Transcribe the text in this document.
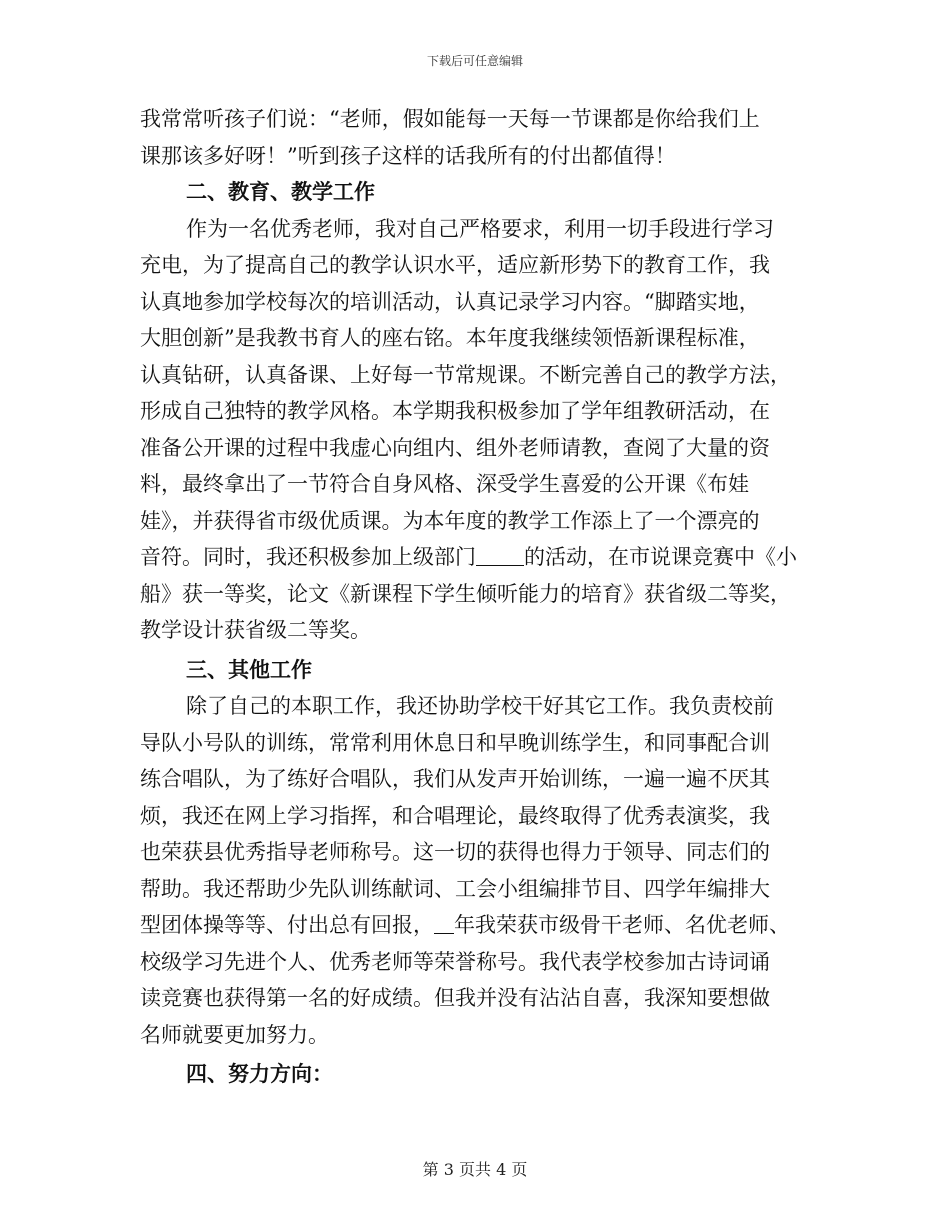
下载后可任意编辑
我常常听孩子们说：“老师，假如能每一天每一节课都是你给我们上
课那该多好呀！”听到孩子这样的话我所有的付出都值得！
二、教育、教学工作
作为一名优秀老师，我对自己严格要求，利用一切手段进行学习
充电，为了提高自己的教学认识水平，适应新形势下的教育工作，我
认真地参加学校每次的培训活动，认真记录学习内容。“脚踏实地，
大胆创新”是我教书育人的座右铭。本年度我继续领悟新课程标准，
认真钻研，认真备课、上好每一节常规课。不断完善自己的教学方法，
形成自己独特的教学风格。本学期我积极参加了学年组教研活动，在
准备公开课的过程中我虚心向组内、组外老师请教，查阅了大量的资
料，最终拿出了一节符合自身风格、深受学生喜爱的公开课《布娃
娃》，并获得省市级优质课。为本年度的教学工作添上了一个漂亮的
音符。同时，我还积极参加上级部门 的活动，在市说课竞赛中《小
船》获一等奖，论文《新课程下学生倾听能力的培育》获省级二等奖，
教学设计获省级二等奖。
三、其他工作
除了自己的本职工作，我还协助学校干好其它工作。我负责校前
导队小号队的训练，常常利用休息日和早晚训练学生，和同事配合训
练合唱队，为了练好合唱队，我们从发声开始训练，一遍一遍不厌其
烦，我还在网上学习指挥，和合唱理论，最终取得了优秀表演奖，我
也荣获县优秀指导老师称号。这一切的获得也得力于领导、同志们的
帮助。我还帮助少先队训练献词、工会小组编排节目、四学年编排大
型团体操等等、付出总有回报， 年我荣获市级骨干老师、名优老师、
校级学习先进个人、优秀老师等荣誉称号。我代表学校参加古诗词诵
读竞赛也获得第一名的好成绩。但我并没有沾沾自喜，我深知要想做
名师就要更加努力。
四、努力方向：
第 3 页共 4 页
